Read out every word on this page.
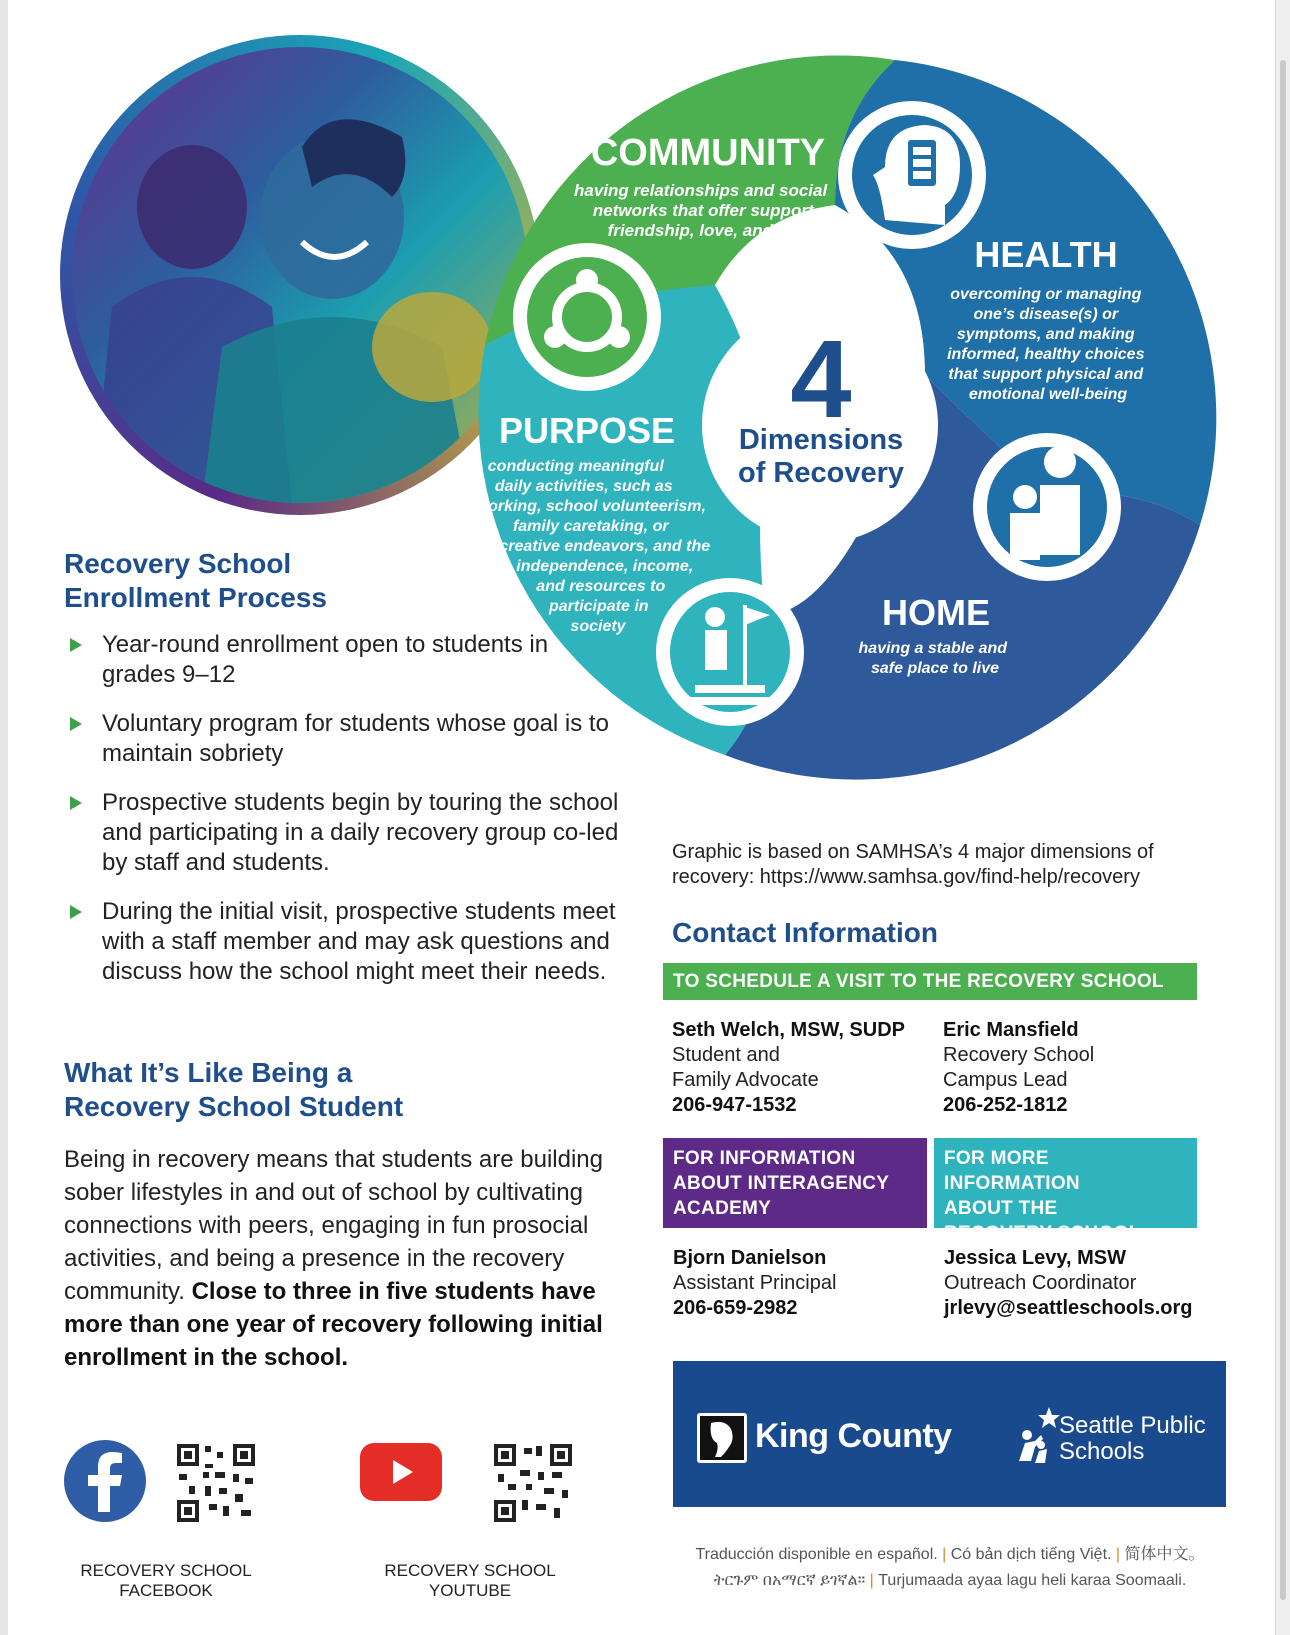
COMMUNITY
having relationships and social networks that offer support, friendship, love, and hope
HEALTH
overcoming or managing one’s disease(s) or symptoms, and making informed, healthy choices that support physical and emotional well-being
PURPOSE
conducting meaningful daily activities, such as working, school volunteerism, family caretaking, or creative endeavors, and the independence, income, and resources to participate in society	HOME
having a stable and safe place to live
4
Dimensions
of Recovery
Recovery School
Enrollment Process
Year-round enrollment open to students in grades 9–12
Voluntary program for students whose goal is to maintain sobriety
Prospective students begin by touring the school and participating in a daily recovery group co-led by staff and students.
During the initial visit, prospective students meet with a staff member and may ask questions and discuss how the school might meet their needs.
What It’s Like Being a
Recovery School Student
Being in recovery means that students are building sober lifestyles in and out of school by cultivating connections with peers, engaging in fun prosocial activities, and being a presence in the recovery community. Close to three in five students have more than one year of recovery following initial enrollment in the school.
RECOVERY SCHOOL
FACEBOOK
RECOVERY SCHOOL
YOUTUBE
Graphic is based on SAMHSA’s 4 major dimensions of recovery: https://www.samhsa.gov/find-help/recovery
Contact Information
TO SCHEDULE A VISIT TO THE RECOVERY SCHOOL
Seth Welch, MSW, SUDP
Student and
Family Advocate
206-947-1532
Eric Mansfield
Recovery School
Campus Lead
206-252-1812
FOR INFORMATION
ABOUT INTERAGENCY
ACADEMY
FOR MORE INFORMATION
ABOUT THE
RECOVERY SCHOOL
Bjorn Danielson
Assistant Principal
206-659-2982
Jessica Levy, MSW
Outreach Coordinator
jrlevy@seattleschools.org
King County	Seattle Public
Schools
Traducción disponible en español. | Có bản dịch tiếng Việt. | 简体中文。
ትርጉም በአማርኛ ይገኛል። | Turjumaada ayaa lagu heli karaa Soomaali.
